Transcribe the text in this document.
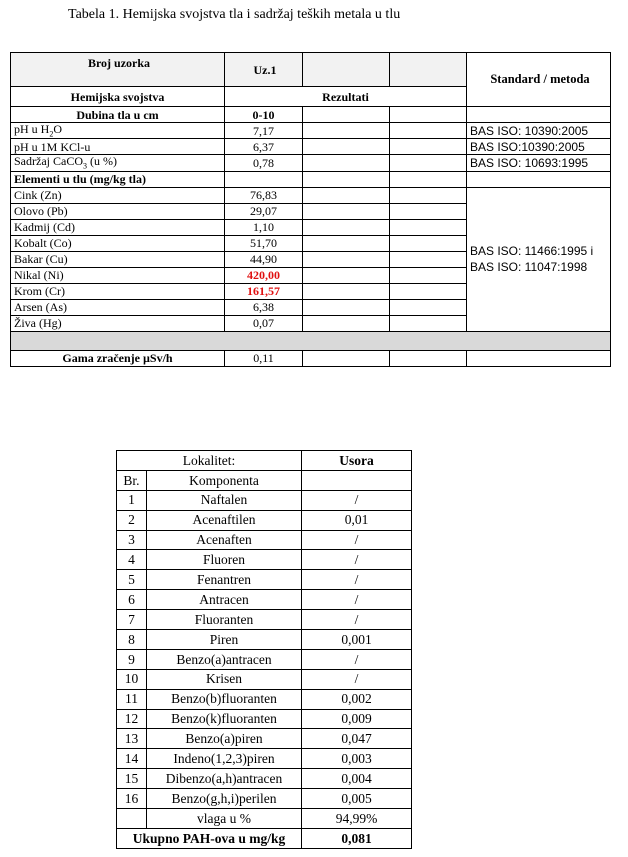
Tabela 1. Hemijska svojstva tla i sadržaj teških metala u tlu
Broj uzorka	Uz.1			Standard / metoda
Hemijska svojstva	Rezultati			
Dubina tla u cm	0-10			
pH u $H_2O$	7,17			BAS ISO: 10390:2005
pH u 1M KCl-u	6,37			BAS ISO:10390:2005
Sadržaj CaCO$_3$ (u %)	0,78			BAS ISO: 10693:1995
Elementi u tlu (mg/kg tla)				
Cink (Zn)	76,83			BAS ISO: 11466:1995 i
BAS ISO: 11047:1998

Olovo (Pb)	29,07			
Kadmij (Cd)	1,10			
Kobalt (Co)	51,70			
Bakar (Cu)	44,90			
Nikal (Ni)	420,00			
Krom (Cr)	161,57			
Arsen (As)	6,38			
Živa (Hg)	0,07			

Gama zračenje µSv/h	0,11			
Lokalitet:		Usora
Br.	Komponenta	
1	Naftalen	/
2	Acenaftilen	0,01
3	Acenaften	/
4	Fluoren	/
5	Fenantren	/
6	Antracen	/
7	Fluoranten	/
8	Piren	0,001
9	Benzo(a)antracen	/
10	Krisen	/
11	Benzo(b)fluoranten	0,002
12	Benzo(k)fluoranten	0,009
13	Benzo(a)piren	0,047
14	Indeno(1,2,3)piren	0,003
15	Dibenzo(a,h)antracen	0,004
16	Benzo(g,h,i)perilen	0,005
	vlaga u %	94,99%
Ukupno PAH-ova u mg/kg		0,081
